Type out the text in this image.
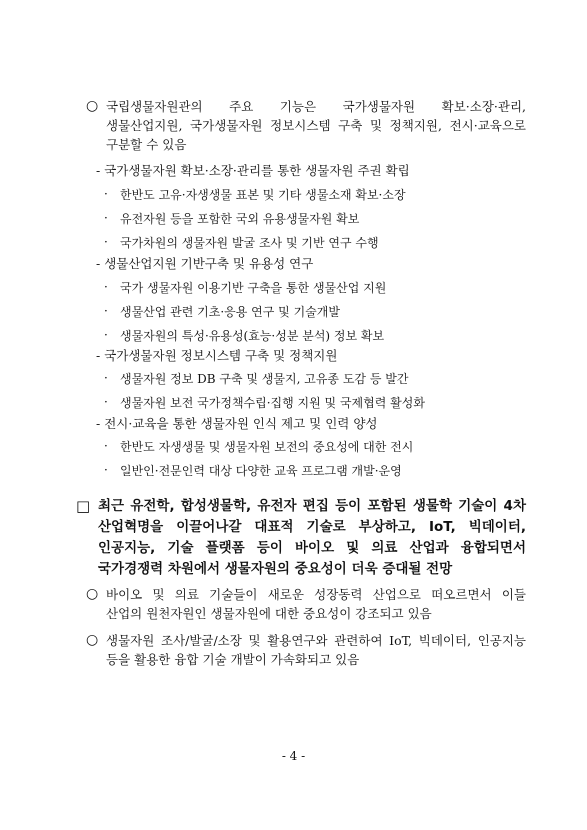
○ 국립생물자원관의 주요 기능은 국가생물자원 확보·소장·관리,
생물산업지원, 국가생물자원 정보시스템 구축 및 정책지원, 전시·교육으로
구분할 수 있음
- 국가생물자원 확보·소장·관리를 통한 생물자원 주권 확립
·	한반도 고유·자생생물 표본 및 기타 생물소재 확보·소장
·	유전자원 등을 포함한 국외 유용생물자원 확보
·	국가차원의 생물자원 발굴 조사 및 기반 연구 수행
- 생물산업지원 기반구축 및 유용성 연구
·	국가 생물자원 이용기반 구축을 통한 생물산업 지원
·	생물산업 관련 기초·응용 연구 및 기술개발
·	생물자원의 특성·유용성(효능·성분 분석) 정보 확보
- 국가생물자원 정보시스템 구축 및 정책지원
·	생물자원 정보 DB 구축 및 생물지, 고유종 도감 등 발간
·	생물자원 보전 국가정책수립·집행 지원 및 국제협력 활성화
- 전시·교육을 통한 생물자원 인식 제고 및 인력 양성
·	한반도 자생생물 및 생물자원 보전의 중요성에 대한 전시
·	일반인·전문인력 대상 다양한 교육 프로그램 개발·운영
□ 최근 유전학, 합성생물학, 유전자 편집 등이 포함된 생물학 기술이 4차
산업혁명을 이끌어나갈 대표적 기술로 부상하고, IoT, 빅데이터,
인공지능, 기술 플랫폼 등이 바이오 및 의료 산업과 융합되면서
국가경쟁력 차원에서 생물자원의 중요성이 더욱 증대될 전망
○ 바이오 및 의료 기술들이 새로운 성장동력 산업으로 떠오르면서 이들
산업의 원천자원인 생물자원에 대한 중요성이 강조되고 있음
○ 생물자원 조사/발굴/소장 및 활용연구와 관련하여 IoT, 빅데이터, 인공지능
등을 활용한 융합 기술 개발이 가속화되고 있음
- 4 -
